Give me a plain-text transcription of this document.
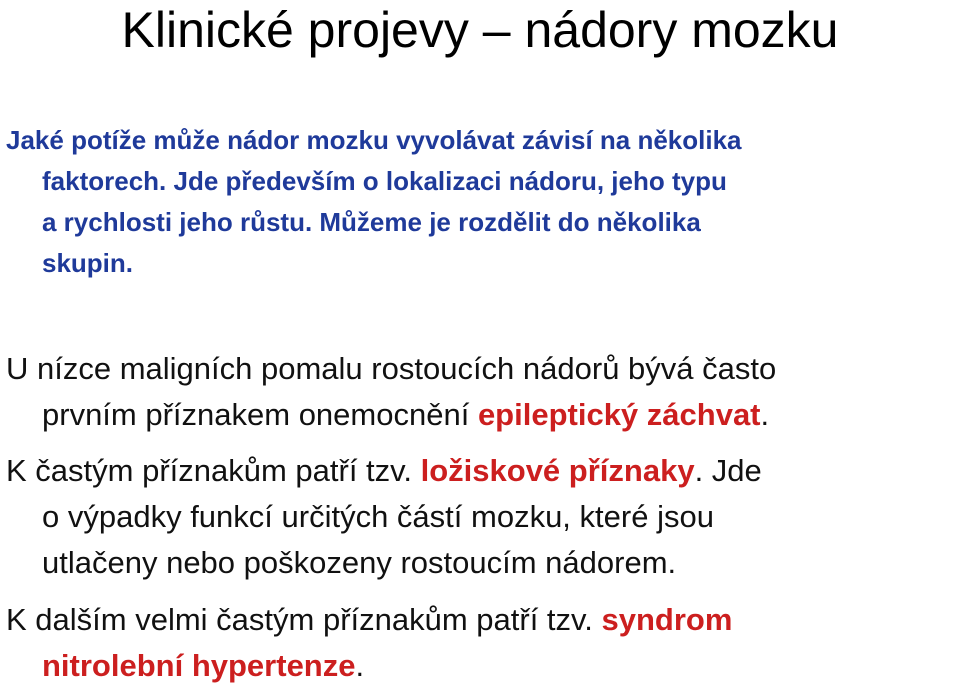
Klinické projevy – nádory mozku
Jaké potíže může nádor mozku vyvolávat závisí na několika
faktorech. Jde především o lokalizaci nádoru, jeho typu
a rychlosti jeho růstu. Můžeme je rozdělit do několika
skupin.
U nízce maligních pomalu rostoucích nádorů bývá často
prvním příznakem onemocnění epileptický záchvat.
K častým příznakům patří tzv. ložiskové příznaky. Jde
o výpadky funkcí určitých částí mozku, které jsou
utlačeny nebo poškozeny rostoucím nádorem.
K dalším velmi častým příznakům patří tzv. syndrom
nitrolební hypertenze.
